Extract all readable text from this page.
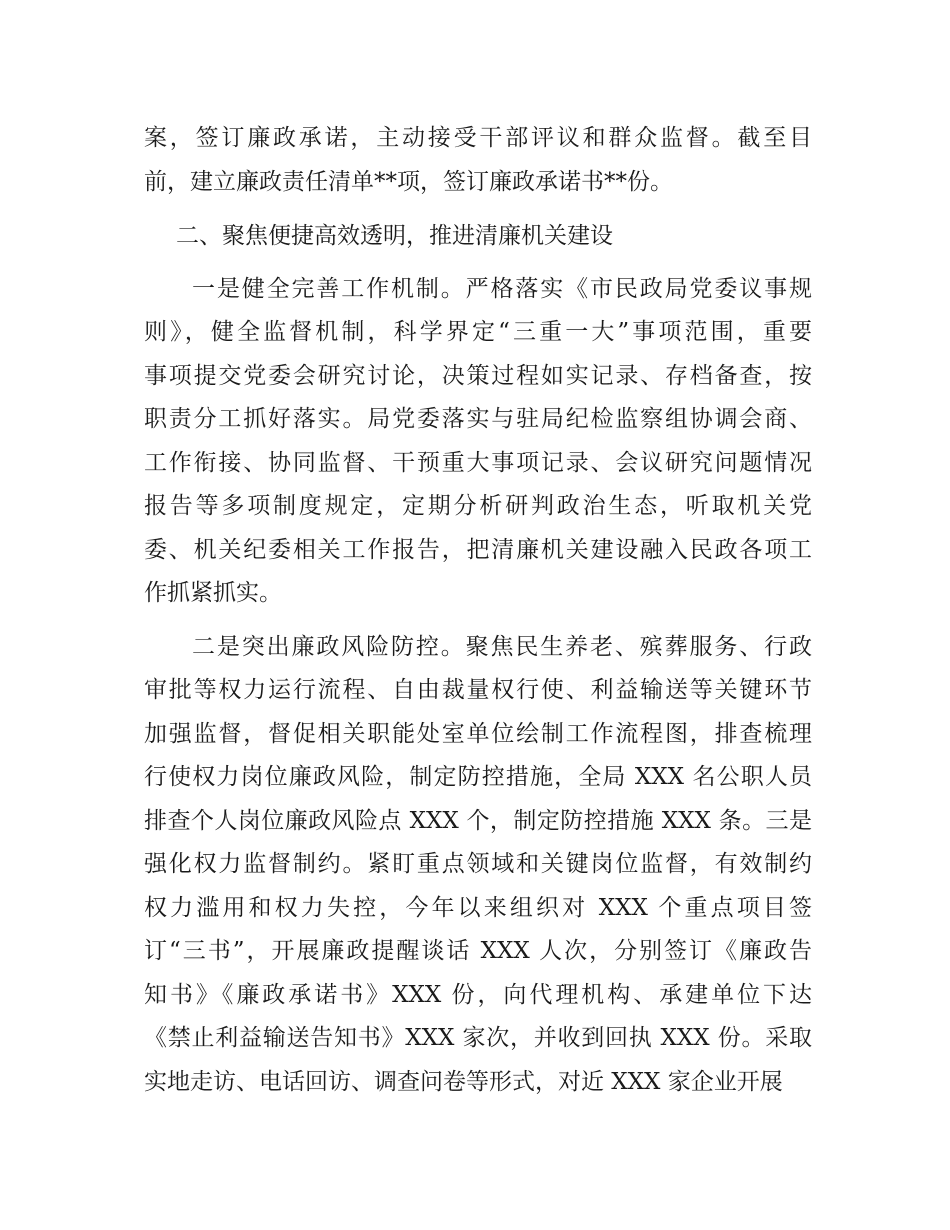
案，签订廉政承诺，主动接受干部评议和群众监督。截至目
前，建立廉政责任清单**项，签订廉政承诺书**份。
二、聚焦便捷高效透明，推进清廉机关建设
一是健全完善工作机制。严格落实《市民政局党委议事规
则》，健全监督机制，科学界定“三重一大”事项范围，重要
事项提交党委会研究讨论，决策过程如实记录、存档备查，按
职责分工抓好落实。局党委落实与驻局纪检监察组协调会商、
工作衔接、协同监督、干预重大事项记录、会议研究问题情况
报告等多项制度规定，定期分析研判政治生态，听取机关党
委、机关纪委相关工作报告，把清廉机关建设融入民政各项工
作抓紧抓实。
二是突出廉政风险防控。聚焦民生养老、殡葬服务、行政
审批等权力运行流程、自由裁量权行使、利益输送等关键环节
加强监督，督促相关职能处室单位绘制工作流程图，排查梳理
行使权力岗位廉政风险，制定防控措施，全局 XXX 名公职人员
排查个人岗位廉政风险点 XXX 个，制定防控措施 XXX 条。三是
强化权力监督制约。紧盯重点领域和关键岗位监督，有效制约
权力滥用和权力失控，今年以来组织对 XXX 个重点项目签
订“三书”，开展廉政提醒谈话 XXX 人次，分别签订《廉政告
知书》《廉政承诺书》XXX 份，向代理机构、承建单位下达
《禁止利益输送告知书》XXX 家次，并收到回执 XXX 份。采取
实地走访、电话回访、调查问卷等形式，对近 XXX 家企业开展
